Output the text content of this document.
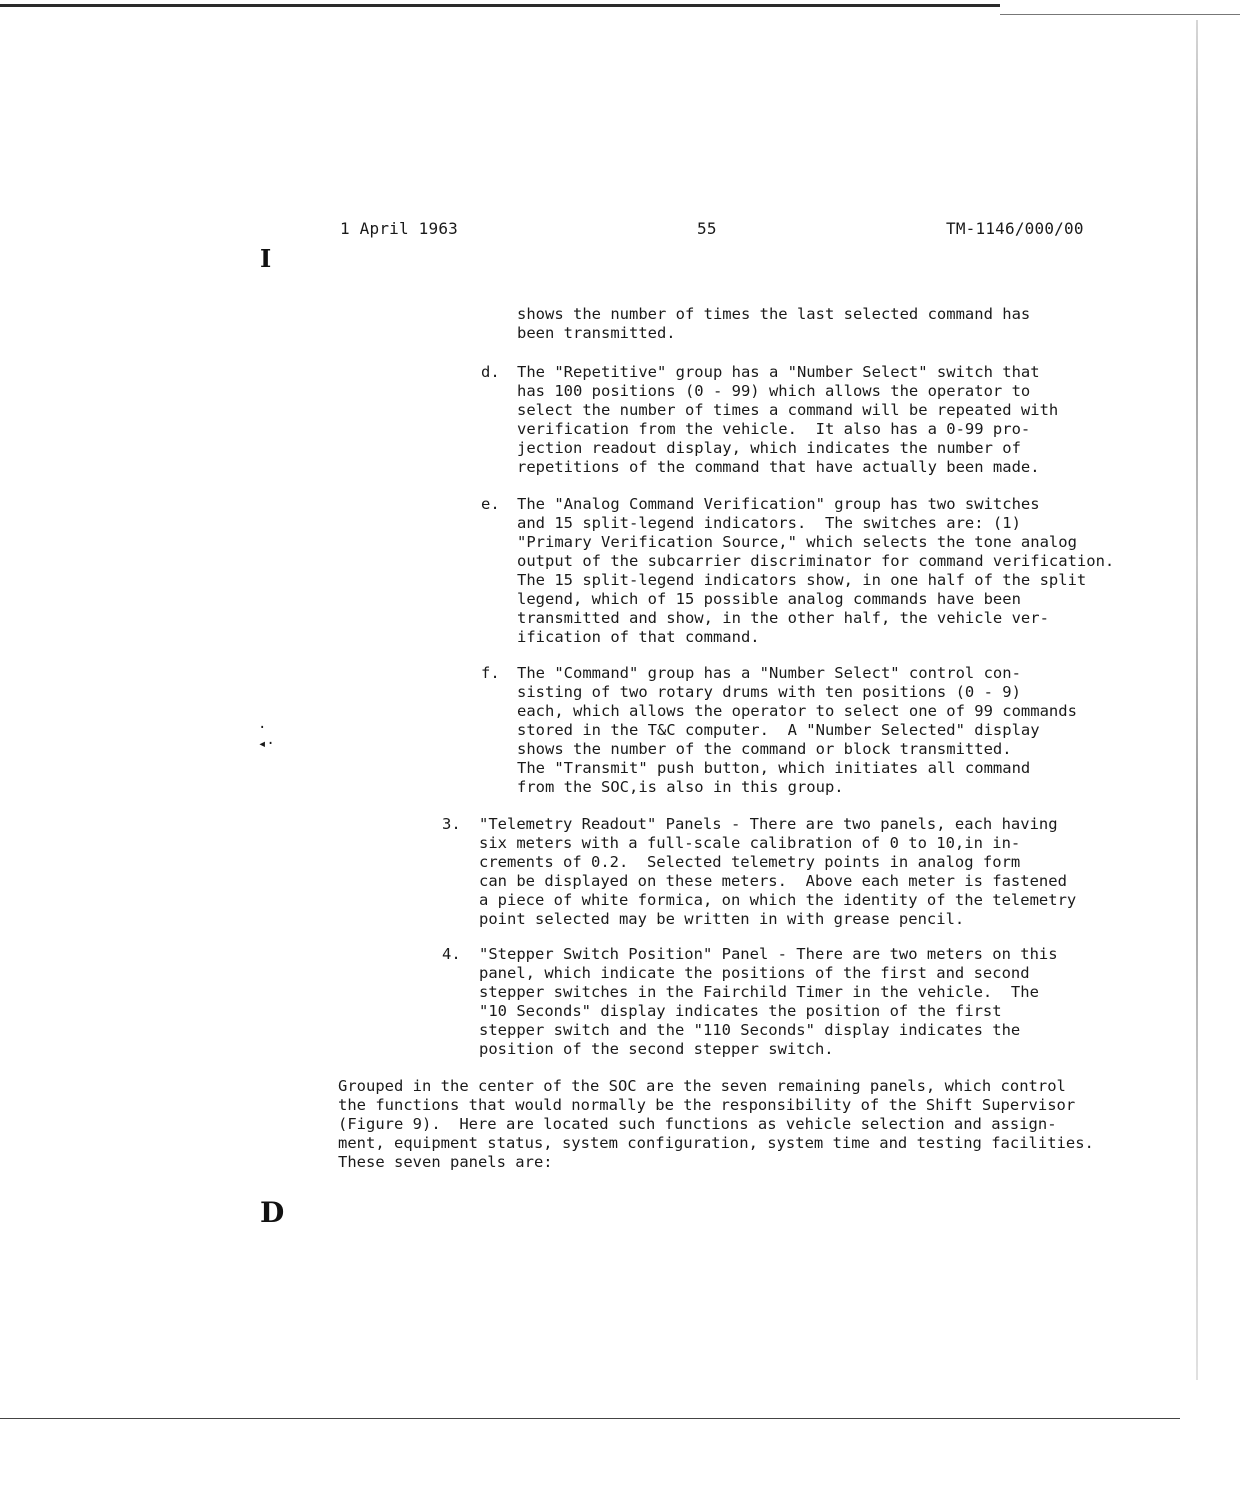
1 April 1963	55	TM-1146/000/00
I
·
◂·
shows the number of times the last selected command has
been transmitted.
d. The "Repetitive" group has a "Number Select" switch that
has 100 positions (0 - 99) which allows the operator to
select the number of times a command will be repeated with
verification from the vehicle.  It also has a 0-99 pro-
jection readout display, which indicates the number of
repetitions of the command that have actually been made.
e. The "Analog Command Verification" group has two switches
and 15 split-legend indicators.  The switches are: (1)
"Primary Verification Source," which selects the tone analog
output of the subcarrier discriminator for command verification.
The 15 split-legend indicators show, in one half of the split
legend, which of 15 possible analog commands have been
transmitted and show, in the other half, the vehicle ver-
ification of that command.
f. The "Command" group has a "Number Select" control con-
sisting of two rotary drums with ten positions (0 - 9)
each, which allows the operator to select one of 99 commands
stored in the T&C computer.  A "Number Selected" display
shows the number of the command or block transmitted.
The "Transmit" push button, which initiates all command
from the SOC,is also in this group.
3. "Telemetry Readout" Panels - There are two panels, each having
six meters with a full-scale calibration of 0 to 10,in in-
crements of 0.2.  Selected telemetry points in analog form
can be displayed on these meters.  Above each meter is fastened
a piece of white formica, on which the identity of the telemetry
point selected may be written in with grease pencil.
4. "Stepper Switch Position" Panel - There are two meters on this
panel, which indicate the positions of the first and second
stepper switches in the Fairchild Timer in the vehicle.  The
"10 Seconds" display indicates the position of the first
stepper switch and the "110 Seconds" display indicates the
position of the second stepper switch.
Grouped in the center of the SOC are the seven remaining panels, which control
the functions that would normally be the responsibility of the Shift Supervisor
(Figure 9).  Here are located such functions as vehicle selection and assign-
ment, equipment status, system configuration, system time and testing facilities.
These seven panels are:
D
